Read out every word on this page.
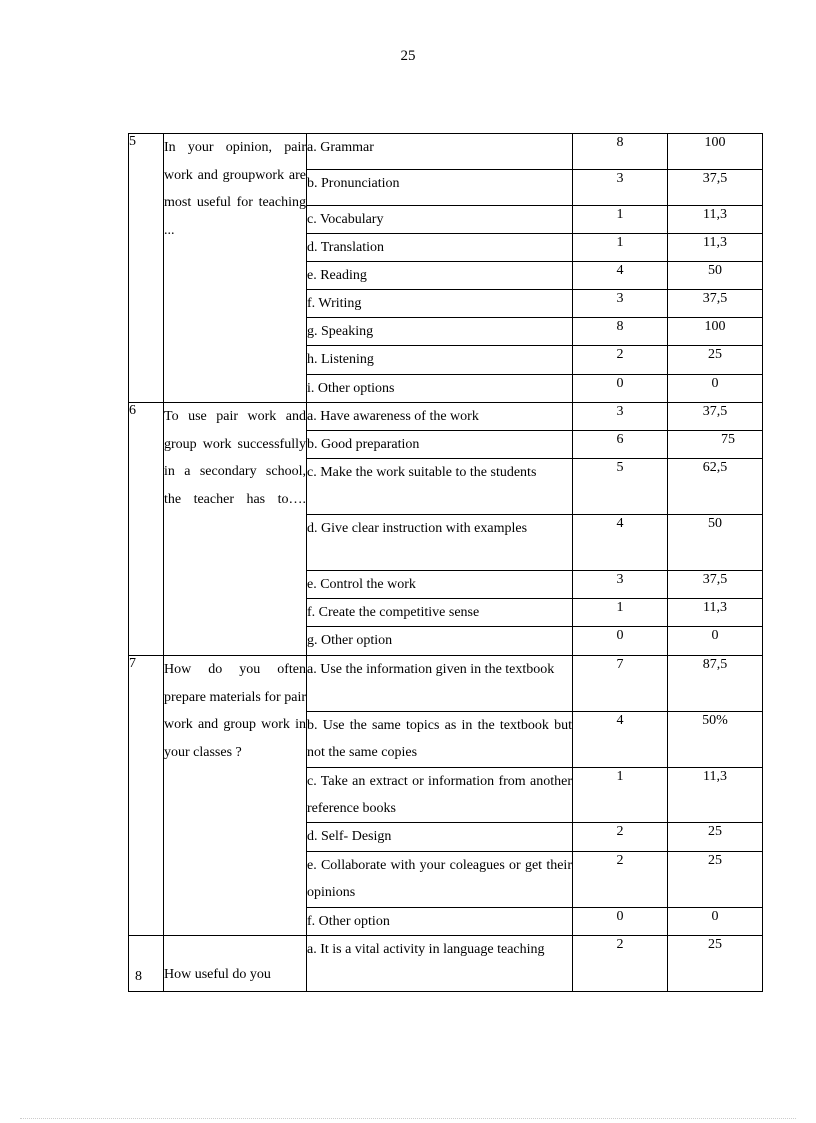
25
5	In your opinion, pair work and groupwork are most useful for teaching ...	a. Grammar	8	100
		b. Pronunciation	3	37,5
		c. Vocabulary	1	11,3
		d. Translation	1	11,3
		e. Reading	4	50
		f. Writing	3	37,5
		g. Speaking	8	100
		h. Listening	2	25
		i. Other options	0	0
6	To use pair work and group work successfully in a secondary school, the teacher has to….	a. Have awareness of the work	3	37,5
		b. Good preparation	6	75
		c. Make the work suitable to the students	5	62,5
		d. Give clear instruction with examples	4	50
		e. Control the work	3	37,5
		f. Create the competitive sense	1	11,3
		g. Other option	0	0
7	How do you often prepare materials for pair work and group work in your classes ?	a. Use the information given in the textbook	7	87,5
		b. Use the same topics as in the textbook but not the same copies	4	50%
		c. Take an extract or information from another reference books	1	11,3
		d. Self- Design	2	25
		e. Collaborate with your coleagues or get their opinions	2	25
		f. Other option	0	0
8	How useful do you	a. It is a vital activity in language teaching	2	25
